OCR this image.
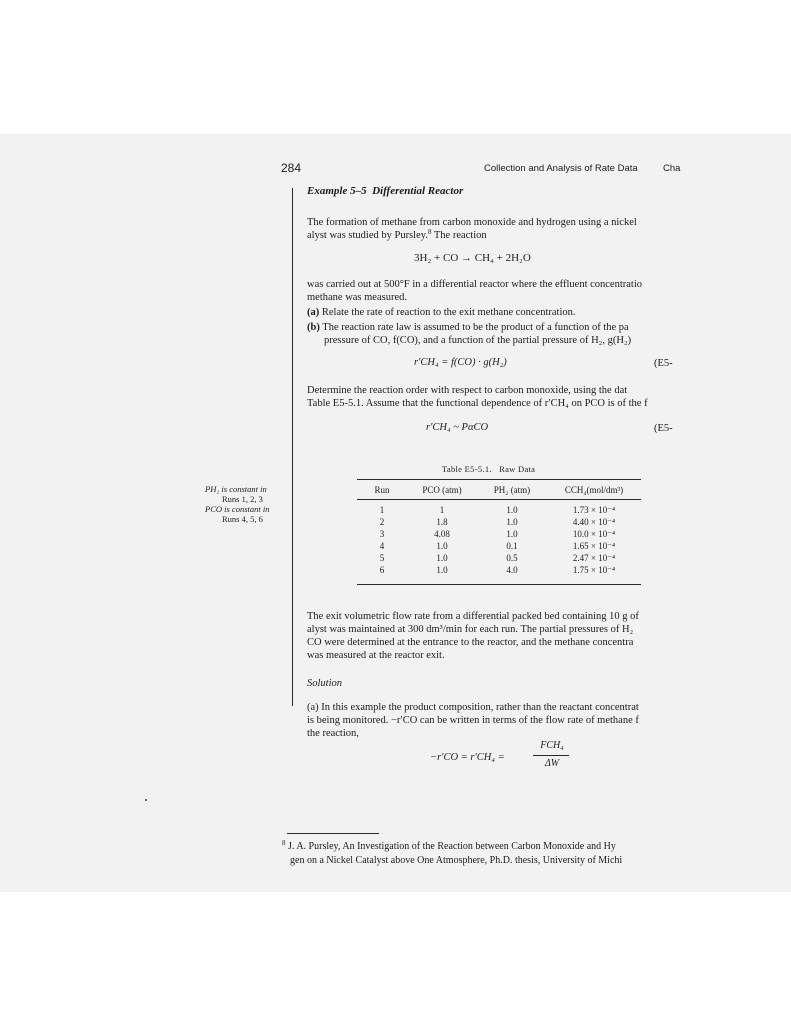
284	Collection and Analysis of Rate Data	Cha
Example 5–5 Differential Reactor
The formation of methane from carbon monoxide and hydrogen using a nickel
alyst was studied by Pursley.$^8$ The reaction
3H₂ + CO → CH₄ + 2H₂O
was carried out at 500°F in a differential reactor where the effluent concentratio
methane was measured.
(a) Relate the rate of reaction to the exit methane concentration.
(b) The reaction rate law is assumed to be the product of a function of the pa
pressure of CO, f(CO), and a function of the partial pressure of H₂, g(H₂)
r′CH₄ = f(CO) · g(H₂)	(E5-
Determine the reaction order with respect to carbon monoxide, using the dat
Table E5-5.1. Assume that the functional dependence of r′CH₄ on PCO is of the f
r′CH₄ ~ PαCO	(E5-
PH₂ is constant in
Runs 1, 2, 3
PCO is constant in
Runs 4, 5, 6
Table E5-5.1. Raw Data
Run	PCO (atm)	PH₂ (atm)	CCH₄(mol/dm³)
1	1	1.0	1.73 × 10⁻⁴
2	1.8	1.0	4.40 × 10⁻⁴
3	4.08	1.0	10.0 × 10⁻⁴
4	1.0	0.1	1.65 × 10⁻⁴
5	1.0	0.5	2.47 × 10⁻⁴
6	1.0	4.0	1.75 × 10⁻⁴
The exit volumetric flow rate from a differential packed bed containing 10 g of
alyst was maintained at 300 dm³/min for each run. The partial pressures of H₂
CO were determined at the entrance to the reactor, and the methane concentra
was measured at the reactor exit.
Solution
(a) In this example the product composition, rather than the reactant concentrat
is being monitored. −r′CO can be written in terms of the flow rate of methane f
the reaction,
−r′CO = r′CH₄ =
FCH₄
ΔW
$^8$ J. A. Pursley, An Investigation of the Reaction between Carbon Monoxide and Hy
gen on a Nickel Catalyst above One Atmosphere, Ph.D. thesis, University of Michi
